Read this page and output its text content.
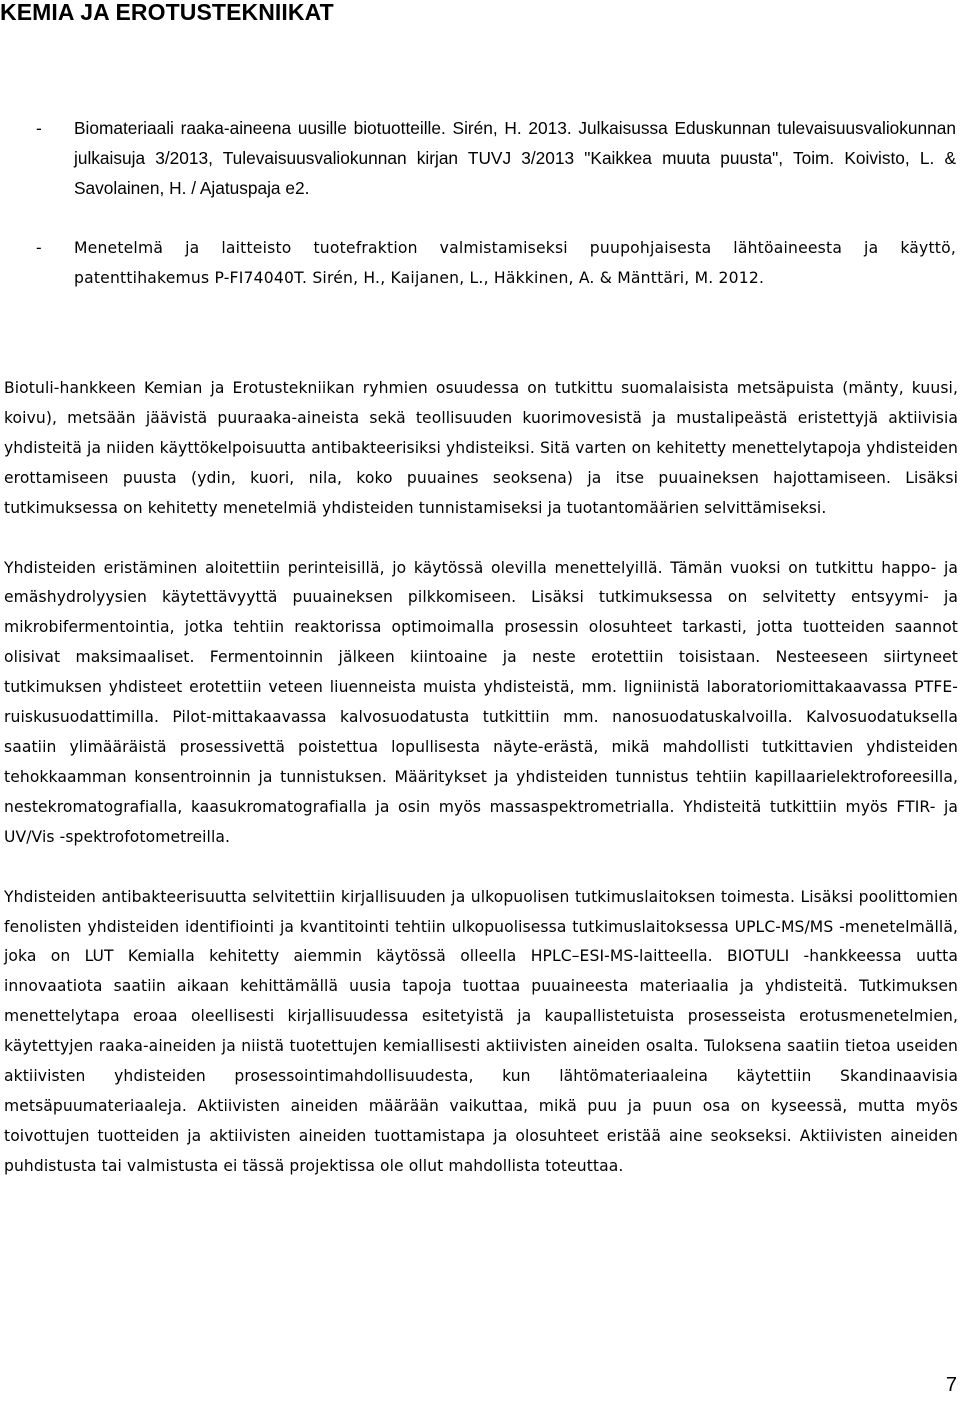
KEMIA JA EROTUSTEKNIIKAT
- Biomateriaali raaka-aineena uusille biotuotteille. Sirén, H. 2013. Julkaisussa Eduskunnan tulevaisuusvaliokunnan julkaisuja 3/2013, Tulevaisuusvaliokunnan kirjan TUVJ 3/2013 "Kaikkea muuta puusta", Toim. Koivisto, L. & Savolainen, H. / Ajatuspaja e2.
- Menetelmä ja laitteisto tuotefraktion valmistamiseksi puupohjaisesta lähtöaineesta ja käyttö, patenttihakemus P-FI74040T. Sirén, H., Kaijanen, L., Häkkinen, A. & Mänttäri, M. 2012.

Biotuli-hankkeen Kemian ja Erotustekniikan ryhmien osuudessa on tutkittu suomalaisista metsäpuista (mänty, kuusi, koivu), metsään jäävistä puuraaka-aineista sekä teollisuuden kuorimovesistä ja mustalipeästä eristettyjä aktiivisia yhdisteitä ja niiden käyttökelpoisuutta antibakteerisiksi yhdisteiksi. Sitä varten on kehitetty menettelytapoja yhdisteiden erottamiseen puusta (ydin, kuori, nila, koko puuaines seoksena) ja itse puuaineksen hajottamiseen. Lisäksi tutkimuksessa on kehitetty menetelmiä yhdisteiden tunnistamiseksi ja tuotantomäärien selvittämiseksi.

Yhdisteiden eristäminen aloitettiin perinteisillä, jo käytössä olevilla menettelyillä. Tämän vuoksi on tutkittu happo- ja emäshydrolyysien käytettävyyttä puuaineksen pilkkomiseen. Lisäksi tutkimuksessa on selvitetty entsyymi- ja mikrobifermentointia, jotka tehtiin reaktorissa optimoimalla prosessin olosuhteet tarkasti, jotta tuotteiden saannot olisivat maksimaaliset. Fermentoinnin jälkeen kiintoaine ja neste erotettiin toisistaan. Nesteeseen siirtyneet tutkimuksen yhdisteet erotettiin veteen liuenneista muista yhdisteistä, mm. ligniinistä laboratoriomittakaavassa PTFE-ruiskusuodattimilla. Pilot-mittakaavassa kalvosuodatusta tutkittiin mm. nanosuodatuskalvoilla. Kalvosuodatuksella saatiin ylimääräistä prosessivettä poistettua lopullisesta näyte-erästä, mikä mahdollisti tutkittavien yhdisteiden tehokkaamman konsentroinnin ja tunnistuksen. Määritykset ja yhdisteiden tunnistus tehtiin kapillaarielektroforeesilla, nestekromatografialla, kaasukromatografialla ja osin myös massaspektrometrialla. Yhdisteitä tutkittiin myös FTIR- ja UV/Vis -spektrofotometreilla.

Yhdisteiden antibakteerisuutta selvitettiin kirjallisuuden ja ulkopuolisen tutkimuslaitoksen toimesta. Lisäksi poolittomien fenolisten yhdisteiden identifiointi ja kvantitointi tehtiin ulkopuolisessa tutkimuslaitoksessa UPLC-MS/MS -menetelmällä, joka on LUT Kemialla kehitetty aiemmin käytössä olleella HPLC–ESI-MS-laitteella. BIOTULI -hankkeessa uutta innovaatiota saatiin aikaan kehittämällä uusia tapoja tuottaa puuaineesta materiaalia ja yhdisteitä. Tutkimuksen menettelytapa eroaa oleellisesti kirjallisuudessa esitetyistä ja kaupallistetuista prosesseista erotusmenetelmien, käytettyjen raaka-aineiden ja niistä tuotettujen kemiallisesti aktiivisten aineiden osalta. Tuloksena saatiin tietoa useiden aktiivisten yhdisteiden prosessointimahdollisuudesta, kun lähtömateriaaleina käytettiin Skandinaavisia metsäpuumateriaaleja. Aktiivisten aineiden määrään vaikuttaa, mikä puu ja puun osa on kyseessä, mutta myös toivottujen tuotteiden ja aktiivisten aineiden tuottamistapa ja olosuhteet eristää aine seokseksi. Aktiivisten aineiden puhdistusta tai valmistusta ei tässä projektissa ole ollut mahdollista toteuttaa.

7
